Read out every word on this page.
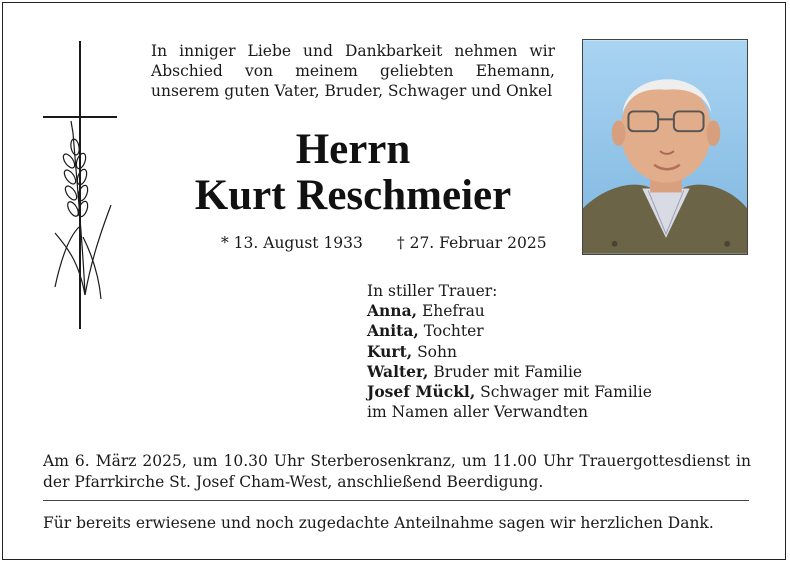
In inniger Liebe und Dankbarkeit nehmen wir Abschied von meinem geliebten Ehemann, unserem guten Vater, Bruder, Schwager und Onkel

Herrn

Kurt Reschmeier

* 13. August 1933 † 27. Februar 2025
In stiller Trauer:
Anna, Ehefrau
Anita, Tochter
Kurt, Sohn
Walter, Bruder mit Familie
Josef Mückl, Schwager mit Familie
im Namen aller Verwandten

Am 6. März 2025, um 10.30 Uhr Sterberosenkranz, um 11.00 Uhr Trauergottesdienst in der Pfarrkirche St. Josef Cham-West, anschließend Beerdigung.

Für bereits erwiesene und noch zugedachte Anteilnahme sagen wir herzlichen Dank.
